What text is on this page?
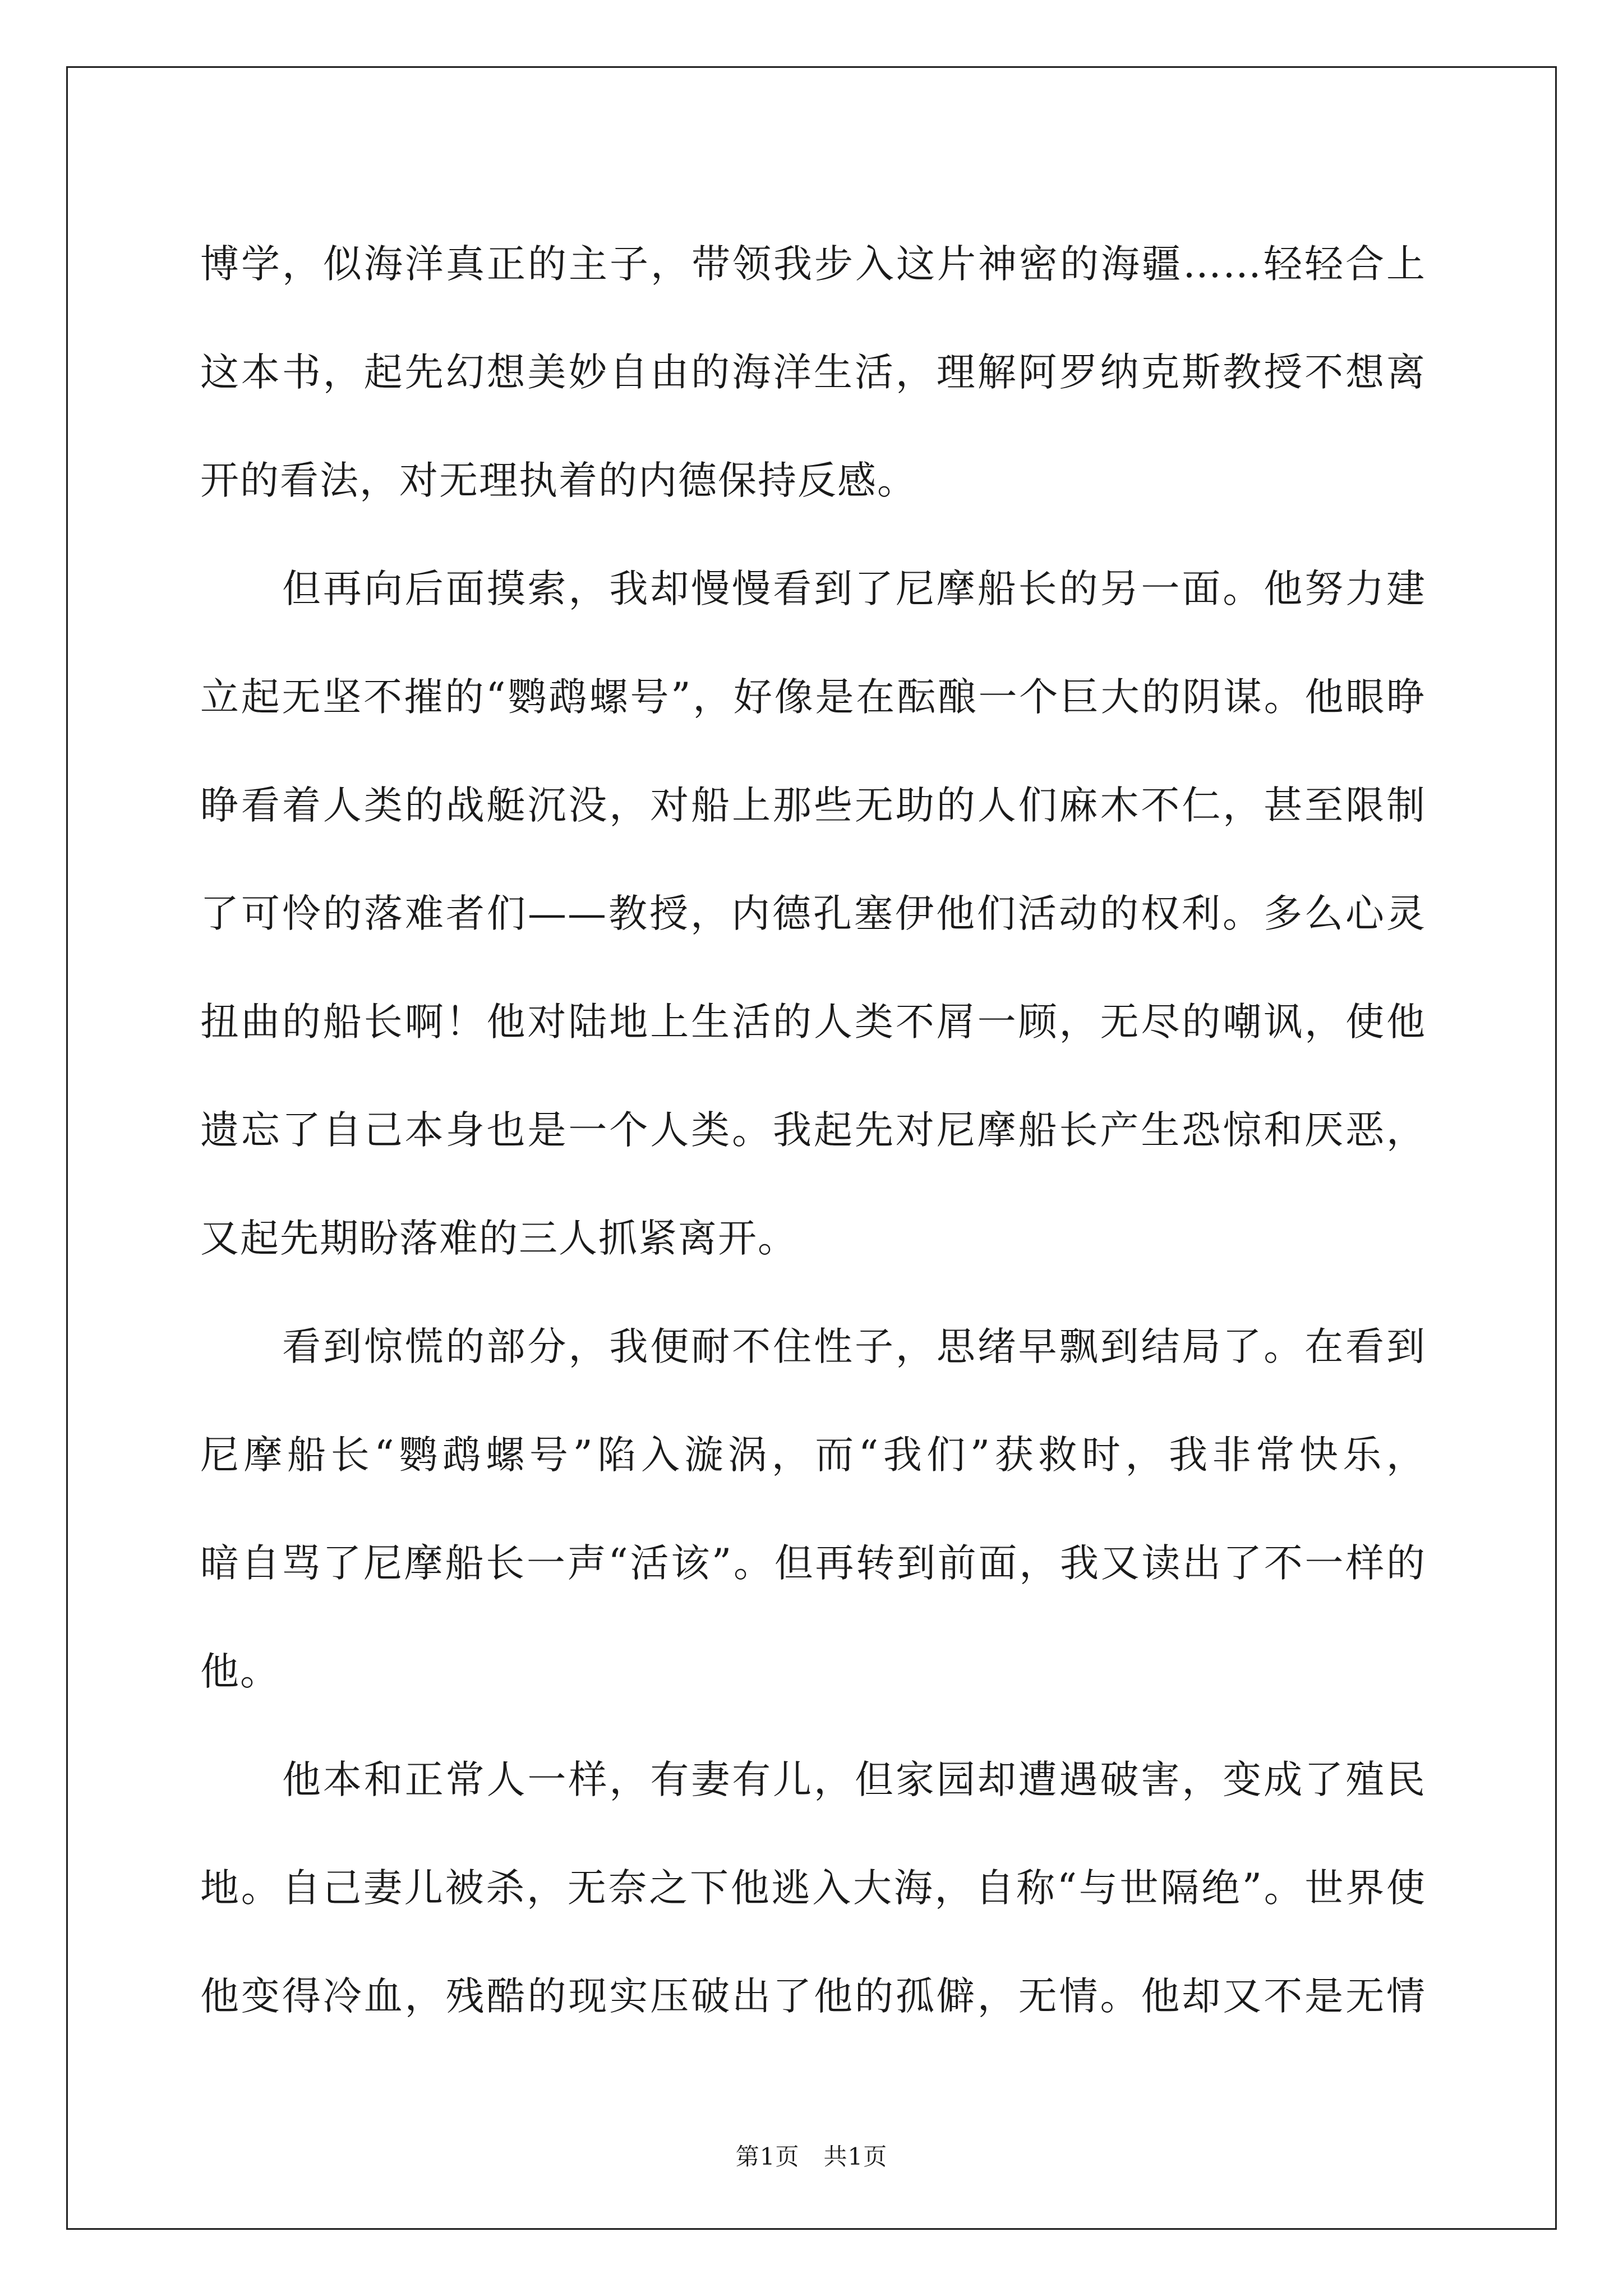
博学，似海洋真正的主子，带领我步入这片神密的海疆……轻轻合上
这本书，起先幻想美妙自由的海洋生活，理解阿罗纳克斯教授不想离
开的看法，对无理执着的内德保持反感。
但再向后面摸索，我却慢慢看到了尼摩船长的另一面。他努力建
立起无坚不摧的“鹦鹉螺号”，好像是在酝酿一个巨大的阴谋。他眼睁
睁看着人类的战艇沉没，对船上那些无助的人们麻木不仁，甚至限制
了可怜的落难者们——教授，内德孔塞伊他们活动的权利。多么心灵
扭曲的船长啊！他对陆地上生活的人类不屑一顾，无尽的嘲讽，使他
遗忘了自己本身也是一个人类。我起先对尼摩船长产生恐惊和厌恶，
又起先期盼落难的三人抓紧离开。
看到惊慌的部分，我便耐不住性子，思绪早飘到结局了。在看到
尼摩船长“鹦鹉螺号”陷入漩涡，而“我们”获救时，我非常快乐，
暗自骂了尼摩船长一声“活该”。但再转到前面，我又读出了不一样的
他。
他本和正常人一样，有妻有儿，但家园却遭遇破害，变成了殖民
地。自己妻儿被杀，无奈之下他逃入大海，自称“与世隔绝”。世界使
他变得冷血，残酷的现实压破出了他的孤僻，无情。他却又不是无情
第1页　共1页
